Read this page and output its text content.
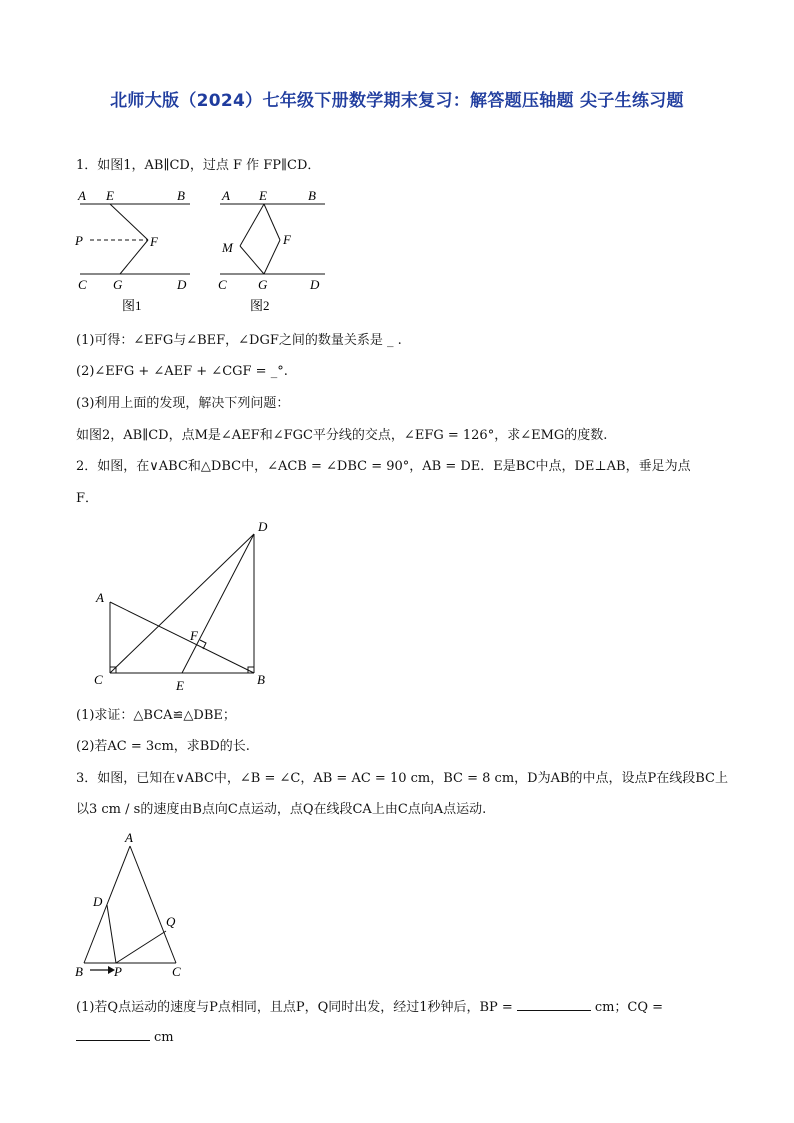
北师大版（2024）七年级下册数学期末复习：解答题压轴题 尖子生练习题
1．如图1，AB∥CD，过点 F 作 FP∥CD．
A E	B
P	F
C G	D
图1
A E	B
M
F
C G	D
图2
(1)可得：∠EFG与∠BEF，∠DGF之间的数量关系是 _ .
(2)∠EFG + ∠AEF + ∠CGF = _°.
(3)利用上面的发现，解决下列问题：
如图2，AB∥CD，点M是∠AEF和∠FGC平分线的交点，∠EFG = 126°，求∠EMG的度数.
2．如图，在∨ABC和△DBC中，∠ACB = ∠DBC = 90°，AB = DE．E是BC中点，DE⊥AB，垂足为点
F．
D
A
F
C	E	B
(1)求证：△BCA≌△DBE；
(2)若AC = 3cm，求BD的长.
3．如图，已知在∨ABC中，∠B = ∠C，AB = AC = 10 cm，BC = 8 cm，D为AB的中点，设点P在线段BC上
以3 cm / s的速度由B点向C点运动，点Q在线段CA上由C点向A点运动.
A
D
Q
B P	C
(1)若Q点运动的速度与P点相同，且点P，Q同时出发，经过1秒钟后，BP =	cm；CQ =
cm
